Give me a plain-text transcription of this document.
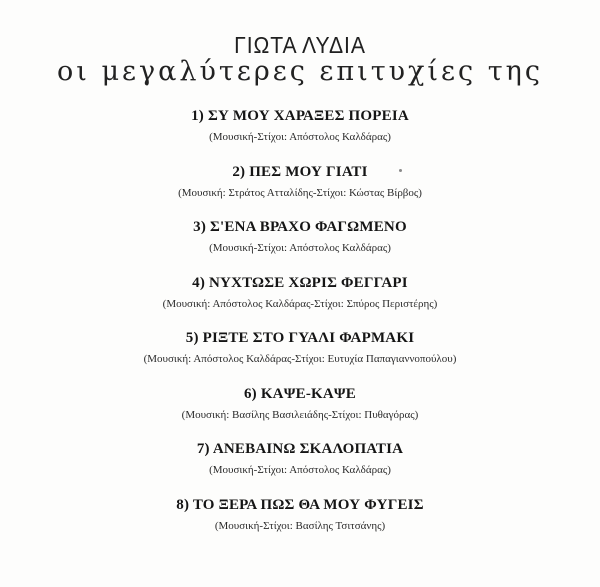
ΓΙΩΤΑ ΛΥΔΙΑ
οι μεγαλύτερες επιτυχίες της
1) ΣΥ ΜΟΥ ΧΑΡΑΞΕΣ ΠΟΡΕΙΑ
(Μουσική-Στίχοι: Απόστολος Καλδάρας)
2) ΠΕΣ ΜΟΥ ΓΙΑΤΙ
(Μουσική: Στράτος Ατταλίδης-Στίχοι: Κώστας Βίρβος)
3) Σ'ΕΝΑ ΒΡΑΧΟ ΦΑΓΩΜΕΝΟ
(Μουσική-Στίχοι: Απόστολος Καλδάρας)
4) ΝΥΧΤΩΣΕ ΧΩΡΙΣ ΦΕΓΓΑΡΙ
(Μουσική: Απόστολος Καλδάρας-Στίχοι: Σπύρος Περιστέρης)
5) ΡΙΞΤΕ ΣΤΟ ΓΥΑΛΙ ΦΑΡΜΑΚΙ
(Μουσική: Απόστολος Καλδάρας-Στίχοι: Ευτυχία Παπαγιαννοπούλου)
6) ΚΑΨΕ-ΚΑΨΕ
(Μουσική: Βασίλης Βασιλειάδης-Στίχοι: Πυθαγόρας)
7) ΑΝΕΒΑΙΝΩ ΣΚΑΛΟΠΑΤΙΑ
(Μουσική-Στίχοι: Απόστολος Καλδάρας)
8) ΤΟ ΞΕΡΑ ΠΩΣ ΘΑ ΜΟΥ ΦΥΓΕΙΣ
(Μουσική-Στίχοι: Βασίλης Τσιτσάνης)
